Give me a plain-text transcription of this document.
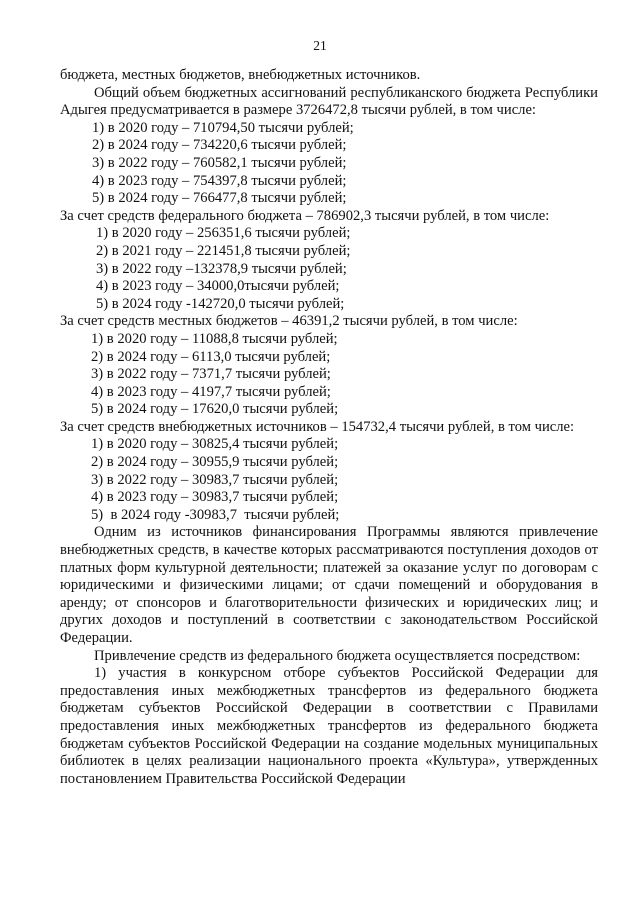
21

бюджета, местных бюджетов, внебюджетных источников.

Общий объем бюджетных ассигнований республиканского бюджета Республики Адыгея предусматривается в размере 3726472,8 тысячи рублей, в том числе:

1) в 2020 году – 710794,50 тысячи рублей;
2) в 2024 году – 734220,6 тысячи рублей;
3) в 2022 году – 760582,1 тысячи рублей;
4) в 2023 году – 754397,8 тысячи рублей;
5) в 2024 году – 766477,8 тысячи рублей;

За счет средств федерального бюджета – 786902,3 тысячи рублей, в том числе:

1) в 2020 году – 256351,6 тысячи рублей;
2) в 2021 году – 221451,8 тысячи рублей;
3) в 2022 году –132378,9 тысячи рублей;
4) в 2023 году – 34000,0тысячи рублей;
5) в 2024 году -142720,0 тысячи рублей;

За счет средств местных бюджетов – 46391,2 тысячи рублей, в том числе:

1) в 2020 году – 11088,8 тысячи рублей;
2) в 2024 году – 6113,0 тысячи рублей;
3) в 2022 году – 7371,7 тысячи рублей;
4) в 2023 году – 4197,7 тысячи рублей;
5) в 2024 году – 17620,0 тысячи рублей;

За счет средств внебюджетных источников – 154732,4 тысячи рублей, в том числе:

1) в 2020 году – 30825,4 тысячи рублей;
2) в 2024 году – 30955,9 тысячи рублей;
3) в 2022 году – 30983,7 тысячи рублей;
4) в 2023 году – 30983,7 тысячи рублей;
5)  в 2024 году -30983,7  тысячи рублей;

Одним из источников финансирования Программы являются привлечение внебюджетных средств, в качестве которых рассматриваются поступления доходов от платных форм культурной деятельности; платежей за оказание услуг по договорам с юридическими и физическими лицами; от сдачи помещений и оборудования в аренду; от спонсоров и благотворительности физических и юридических лиц; и других доходов и поступлений в соответствии с законодательством Российской Федерации.

Привлечение средств из федерального бюджета осуществляется посредством:

1) участия в конкурсном отборе субъектов Российской Федерации для предоставления иных межбюджетных трансфертов из федерального бюджета бюджетам субъектов Российской Федерации в соответствии с Правилами предоставления иных межбюджетных трансфертов из федерального бюджета бюджетам субъектов Российской Федерации на создание модельных муниципальных библиотек в целях реализации национального проекта «Культура», утвержденных постановлением Правительства Российской Федерации
